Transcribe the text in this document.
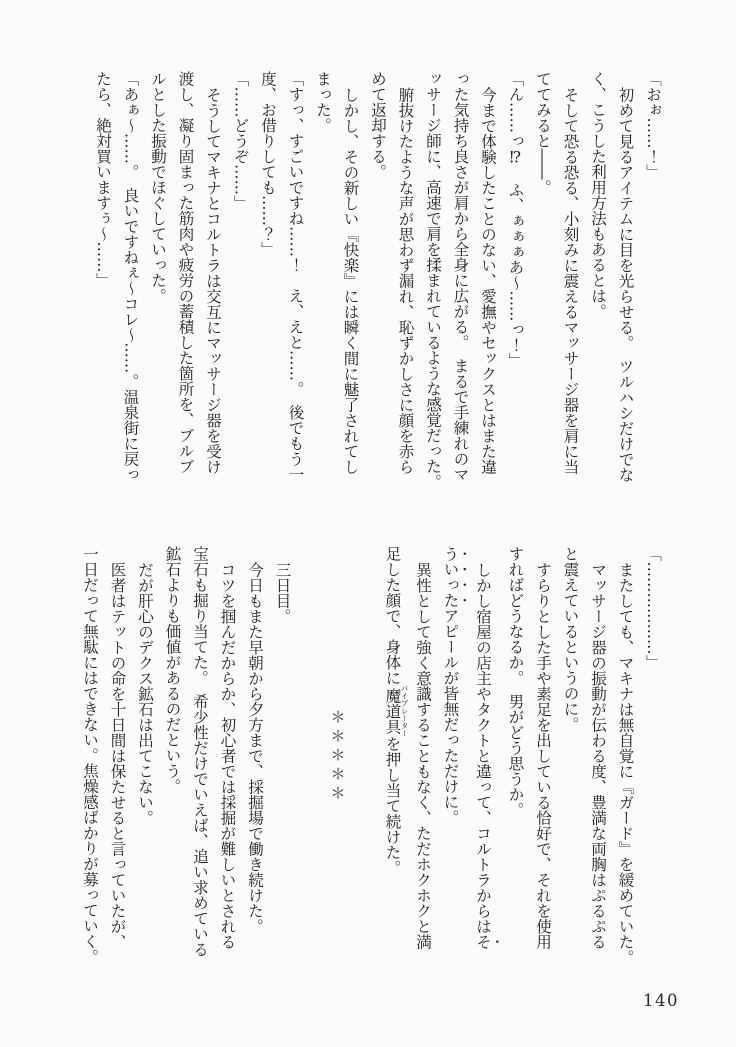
「おぉ……！」
初めて見るアイテムに目を光らせる。　ツルハシだけでな
く、こうした利用方法もあるとは。
そして恐る恐る、小刻みに震えるマッサージ器を肩に当
ててみると――。
「ん……っ⁉　ふ、ぁぁぁあ～……っ！」
今まで体験したことのない、愛撫やセックスとはまた違
った気持ち良さが肩から全身に広がる。　まるで手練れのマ
ッサージ師に、高速で肩を揉まれているような感覚だった。
腑抜けたような声が思わず漏れ、恥ずかしさに顔を赤ら
めて返却する。
しかし、その新しい『快楽』には瞬く間に魅了されてし
まった。
「すっ、すごいですね……！　え、えと……。　後でもう一
度、お借りしても……？」
「……どうぞ……」
そうしてマキナとコルトラは交互にマッサージ器を受け
渡し、凝り固まった筋肉や疲労の蓄積した箇所を、ブルブ
ルとした振動でほぐしていった。
「あぁ～……。　良いですねぇ～コレ～……。温泉街に戻っ
たら、絶対買いますぅ～……」
「………………」
またしても、マキナは無自覚に『ガード』を緩めていた。
マッサージ器の振動が伝わる度、豊満な両胸はぷるぷる
と震えているというのに。
すらりとした手や素足を出している恰好で、それを使用
すればどうなるか。　男がどう思うか。
しかし宿屋の店主やタクトと違って、コルトラからはそ
ういったアピールが皆無だっただけに。
異性として強く意識することもなく、ただホクホクと満
足した顔で、身体に魔道具バイブレーターを押し当て続けた。

＊＊＊＊＊

三日目。
今日もまた早朝から夕方まで、採掘場で働き続けた。
コツを掴んだからか、初心者では採掘が難しいとされる
宝石も掘り当てた。　希少性だけでいえば、追い求めている
鉱石よりも価値があるのだという。
だが肝心のデクス鉱石は出てこない。
医者はテットの命を十日間は保たせると言っていたが、
一日だって無駄にはできない。焦燥感ばかりが募っていく。
140
